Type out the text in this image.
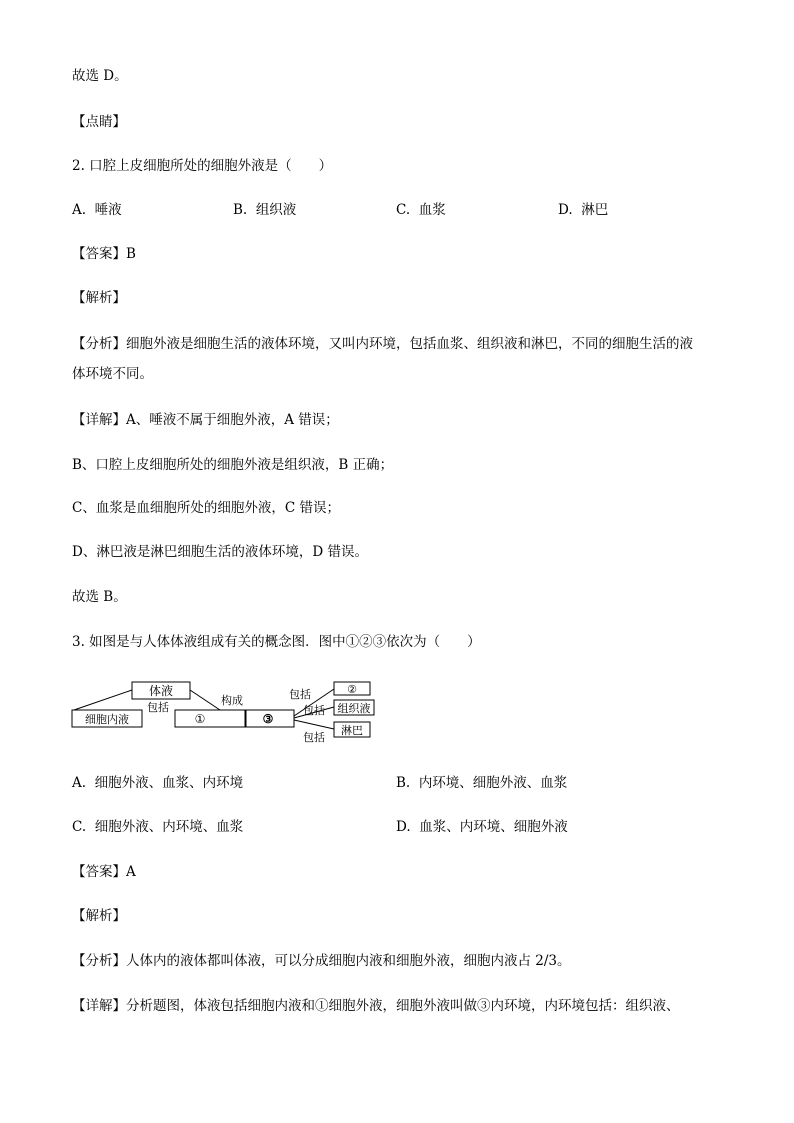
故选 D。
【点睛】
2. 口腔上皮细胞所处的细胞外液是（　　）
A. 唾液	B. 组织液	C. 血浆	D. 淋巴
【答案】B
【解析】
【分析】细胞外液是细胞生活的液体环境，又叫内环境，包括血浆、组织液和淋巴，不同的细胞生活的液
体环境不同。
【详解】A、唾液不属于细胞外液，A 错误；
B、口腔上皮细胞所处的细胞外液是组织液，B 正确；
C、血浆是血细胞所处的细胞外液，C 错误；
D、淋巴液是淋巴细胞生活的液体环境，D 错误。
故选 B。
3. 如图是与人体体液组成有关的概念图．图中①②③依次为（　　）
体液
细胞内液	①	③
②
组织液
淋巴
包括
构成	包括
包括
包括
A. 细胞外液、血浆、内环境	B. 内环境、细胞外液、血浆
C. 细胞外液、内环境、血浆	D. 血浆、内环境、细胞外液
【答案】A
【解析】
【分析】人体内的液体都叫体液，可以分成细胞内液和细胞外液，细胞内液占 2/3。
【详解】分析题图，体液包括细胞内液和①细胞外液，细胞外液叫做③内环境，内环境包括：组织液、
